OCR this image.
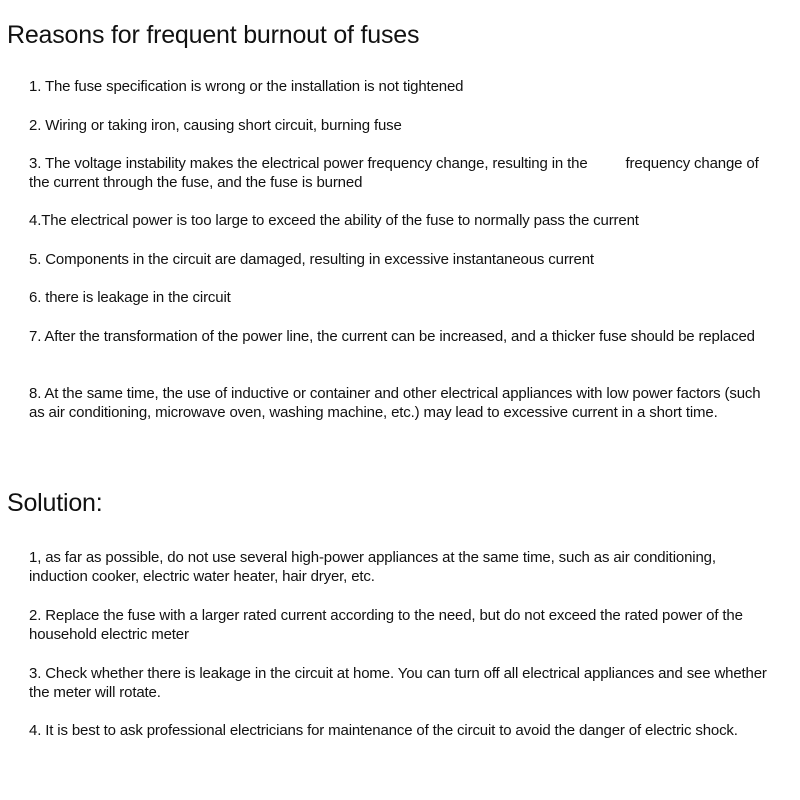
Reasons for frequent burnout of fuses
1. The fuse specification is wrong or the installation is not tightened
2. Wiring or taking iron, causing short circuit, burning fuse
3. The voltage instability makes the electrical power frequency change, resulting in the	frequency change of the current through the fuse, and the fuse is burned
4.The electrical power is too large to exceed the ability of the fuse to normally pass the current
5. Components in the circuit are damaged, resulting in excessive instantaneous current
6. there is leakage in the circuit
7. After the transformation of the power line, the current can be increased, and a thicker fuse should be replaced
8. At the same time, the use of inductive or container and other electrical appliances with low power factors (such as air conditioning, microwave oven, washing machine, etc.) may lead to excessive current in a short time.
Solution:
1, as far as possible, do not use several high-power appliances at the same time, such as air conditioning, induction cooker, electric water heater, hair dryer, etc.
2. Replace the fuse with a larger rated current according to the need, but do not exceed the rated power of the household electric meter
3. Check whether there is leakage in the circuit at home. You can turn off all electrical appliances and see whether the meter will rotate.
4. It is best to ask professional electricians for maintenance of the circuit to avoid the danger of electric shock.
